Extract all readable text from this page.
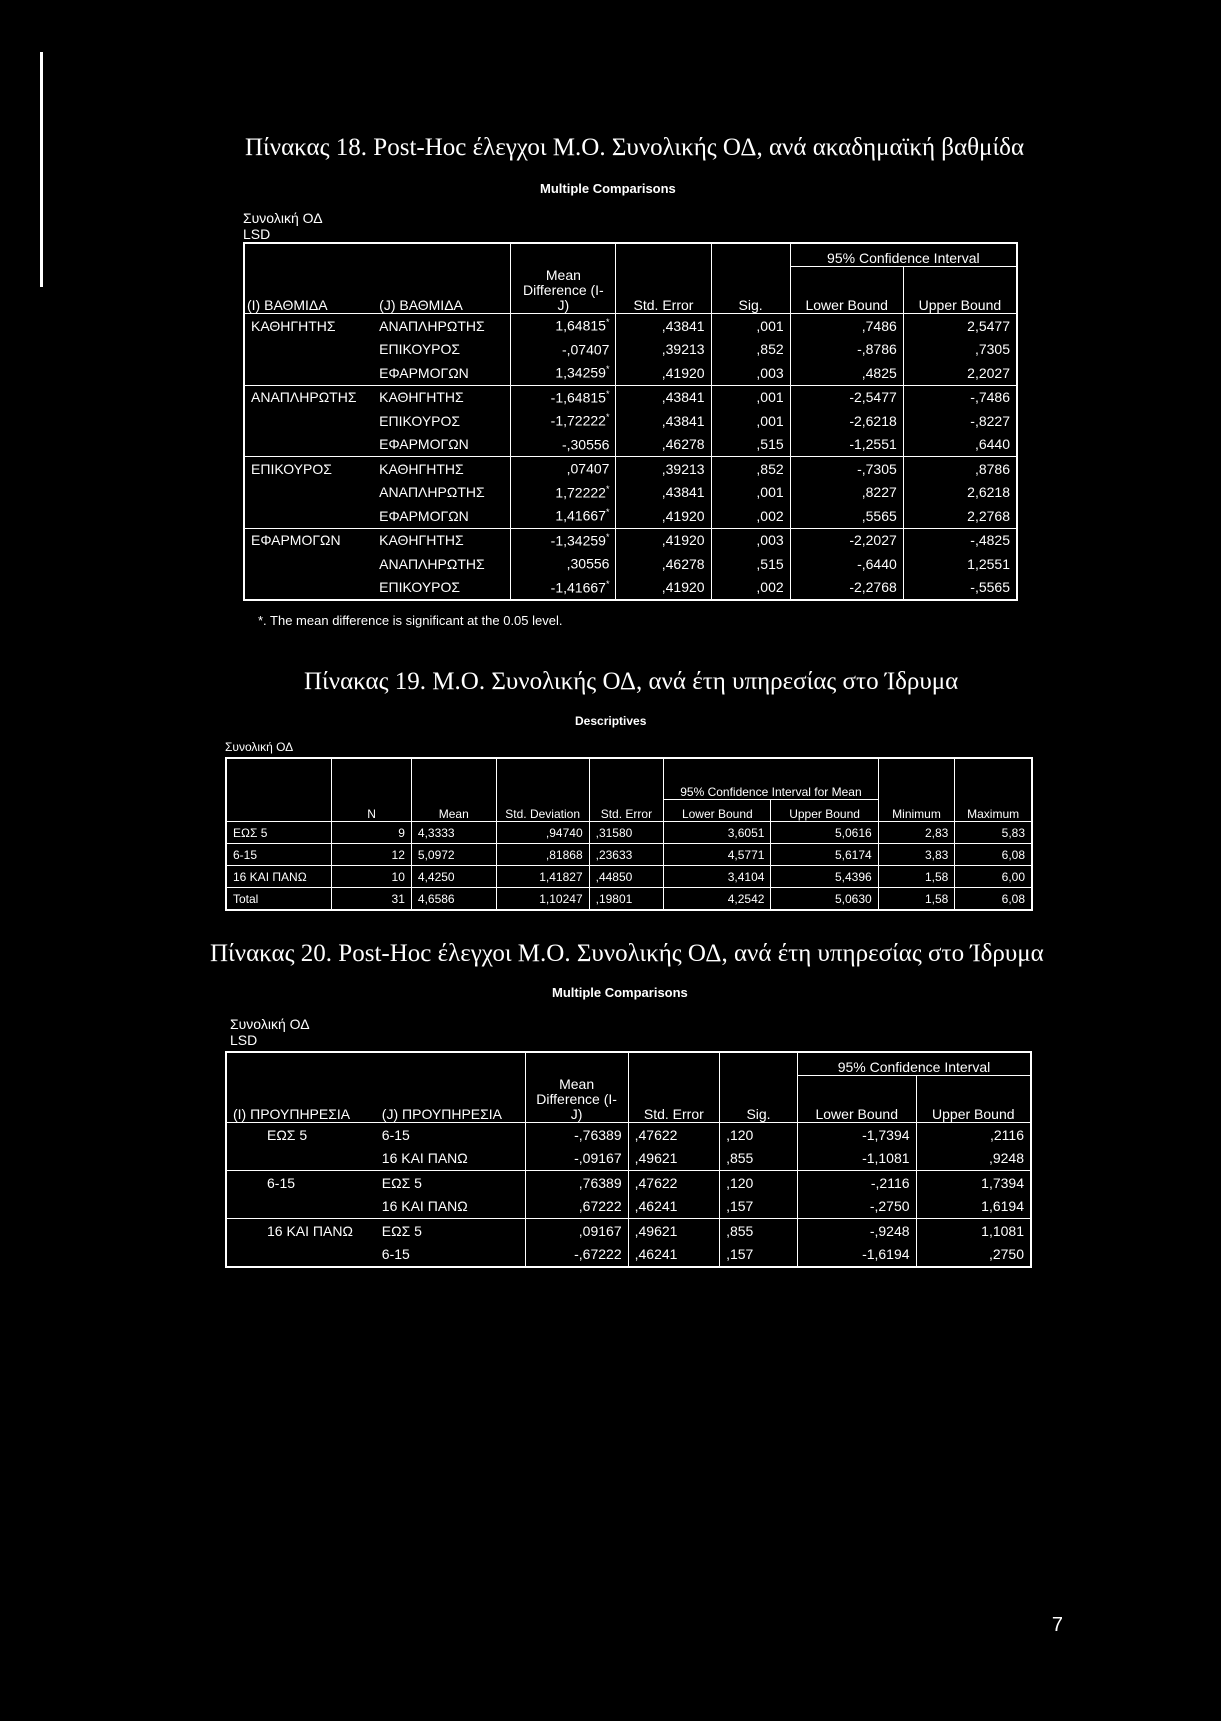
Πίνακας 18. Post-Hoc έλεγχοι Μ.Ο. Συνολικής ΟΔ, ανά ακαδημαϊκή βαθμίδα
Multiple Comparisons
Συνολική ΟΔ
LSD
(I) ΒΑΘΜΙΔΑ	(J) ΒΑΘΜΙΔΑ	Mean Difference (I-J)	Std. Error	Sig.	95% Confidence Interval	
					Lower Bound	Upper Bound
ΚΑΘΗΓΗΤΗΣ	ΑΝΑΠΛΗΡΩΤΗΣ	1,64815*	,43841	,001	,7486	2,5477
	ΕΠΙΚΟΥΡΟΣ	-,07407	,39213	,852	-,8786	,7305
	ΕΦΑΡΜΟΓΩΝ	1,34259*	,41920	,003	,4825	2,2027
ΑΝΑΠΛΗΡΩΤΗΣ	ΚΑΘΗΓΗΤΗΣ	-1,64815*	,43841	,001	-2,5477	-,7486
	ΕΠΙΚΟΥΡΟΣ	-1,72222*	,43841	,001	-2,6218	-,8227
	ΕΦΑΡΜΟΓΩΝ	-,30556	,46278	,515	-1,2551	,6440
ΕΠΙΚΟΥΡΟΣ	ΚΑΘΗΓΗΤΗΣ	,07407	,39213	,852	-,7305	,8786
	ΑΝΑΠΛΗΡΩΤΗΣ	1,72222*	,43841	,001	,8227	2,6218
	ΕΦΑΡΜΟΓΩΝ	1,41667*	,41920	,002	,5565	2,2768
ΕΦΑΡΜΟΓΩΝ	ΚΑΘΗΓΗΤΗΣ	-1,34259*	,41920	,003	-2,2027	-,4825
	ΑΝΑΠΛΗΡΩΤΗΣ	,30556	,46278	,515	-,6440	1,2551
	ΕΠΙΚΟΥΡΟΣ	-1,41667*	,41920	,002	-2,2768	-,5565
*. The mean difference is significant at the 0.05 level.
Πίνακας 19. Μ.Ο. Συνολικής ΟΔ, ανά έτη υπηρεσίας στο Ίδρυμα
Descriptives
Συνολική ΟΔ
	N	Mean	Std. Deviation	Std. Error	95% Confidence Interval for Mean		Minimum	Maximum
					Lower Bound	Upper Bound		
ΕΩΣ 5	9	4,3333	,94740	,31580	3,6051	5,0616	2,83	5,83
6-15	12	5,0972	,81868	,23633	4,5771	5,6174	3,83	6,08
16 ΚΑΙ ΠΑΝΩ	10	4,4250	1,41827	,44850	3,4104	5,4396	1,58	6,00
Total	31	4,6586	1,10247	,19801	4,2542	5,0630	1,58	6,08
Πίνακας 20. Post-Hoc έλεγχοι Μ.Ο. Συνολικής ΟΔ, ανά έτη υπηρεσίας στο Ίδρυμα
Multiple Comparisons
Συνολική ΟΔ
LSD
(I) ΠΡΟΥΠΗΡΕΣΙΑ	(J) ΠΡΟΥΠΗΡΕΣΙΑ	Mean Difference (I-J)	Std. Error	Sig.	95% Confidence Interval	
					Lower Bound	Upper Bound
ΕΩΣ 5	6-15	-,76389	,47622	,120	-1,7394	,2116
	16 ΚΑΙ ΠΑΝΩ	-,09167	,49621	,855	-1,1081	,9248
6-15	ΕΩΣ 5	,76389	,47622	,120	-,2116	1,7394
	16 ΚΑΙ ΠΑΝΩ	,67222	,46241	,157	-,2750	1,6194
16 ΚΑΙ ΠΑΝΩ	ΕΩΣ 5	,09167	,49621	,855	-,9248	1,1081
	6-15	-,67222	,46241	,157	-1,6194	,2750
7
